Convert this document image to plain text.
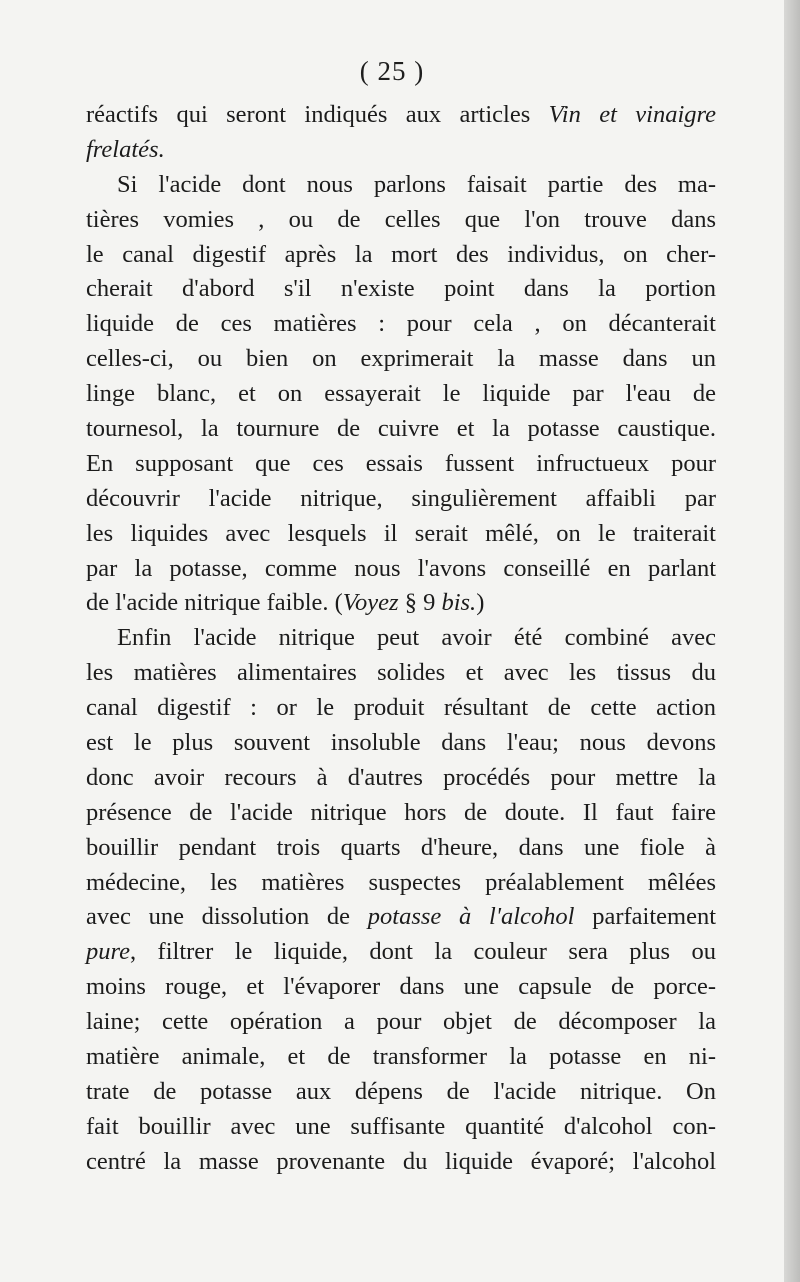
( 25 )
réactifs qui seront indiqués aux articles Vin et vinaigre
frelatés.
Si l'acide dont nous parlons faisait partie des ma-
tières vomies , ou de celles que l'on trouve dans
le canal digestif après la mort des individus, on cher-
cherait d'abord s'il n'existe point dans la portion
liquide de ces matières : pour cela , on décanterait
celles-ci, ou bien on exprimerait la masse dans un
linge blanc, et on essayerait le liquide par l'eau de
tournesol, la tournure de cuivre et la potasse caustique.
En supposant que ces essais fussent infructueux pour
découvrir l'acide nitrique, singulièrement affaibli par
les liquides avec lesquels il serait mêlé, on le traiterait
par la potasse, comme nous l'avons conseillé en parlant
de l'acide nitrique faible. (Voyez § 9 bis.)
Enfin l'acide nitrique peut avoir été combiné avec
les matières alimentaires solides et avec les tissus du
canal digestif : or le produit résultant de cette action
est le plus souvent insoluble dans l'eau; nous devons
donc avoir recours à d'autres procédés pour mettre la
présence de l'acide nitrique hors de doute. Il faut faire
bouillir pendant trois quarts d'heure, dans une fiole à
médecine, les matières suspectes préalablement mêlées
avec une dissolution de potasse à l'alcohol parfaitement
pure, filtrer le liquide, dont la couleur sera plus ou
moins rouge, et l'évaporer dans une capsule de porce-
laine; cette opération a pour objet de décomposer la
matière animale, et de transformer la potasse en ni-
trate de potasse aux dépens de l'acide nitrique. On
fait bouillir avec une suffisante quantité d'alcohol con-
centré la masse provenante du liquide évaporé; l'alcohol
